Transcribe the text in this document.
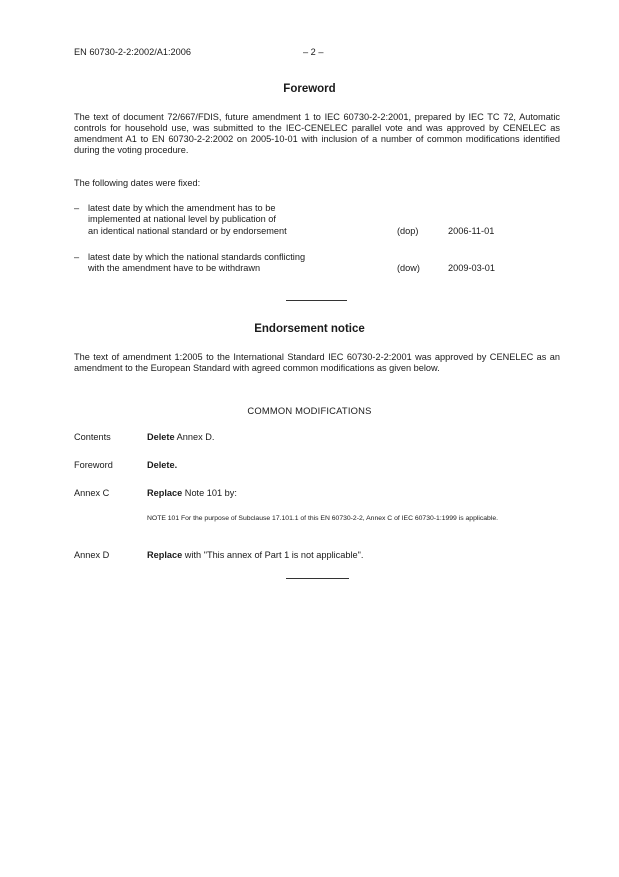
EN 60730-2-2:2002/A1:2006	– 2 –
Foreword

The text of document 72/667/FDIS, future amendment 1 to IEC 60730-2-2:2001, prepared by IEC TC 72, Automatic controls for household use, was submitted to the IEC-CENELEC parallel vote and was approved by CENELEC as amendment A1 to EN 60730-2-2:2002 on 2005-10-01 with inclusion of a number of common modifications identified during the voting procedure.

The following dates were fixed:
– latest date by which the amendment has to be
implemented at national level by publication of
an identical national standard or by endorsement	(dop)	2006-11-01
– latest date by which the national standards conflicting
with the amendment have to be withdrawn	(dow)	2009-03-01
Endorsement notice

The text of amendment 1:2005 to the International Standard IEC 60730-2-2:2001 was approved by CENELEC as an amendment to the European Standard with agreed common modifications as given below.

COMMON MODIFICATIONS
Contents	Delete Annex D.
Foreword	Delete.
Annex C	Replace Note 101 by:
NOTE 101 For the purpose of Subclause 17.101.1 of this EN 60730-2-2, Annex C of IEC 60730-1:1999 is applicable.
Annex D	Replace with "This annex of Part 1 is not applicable".
